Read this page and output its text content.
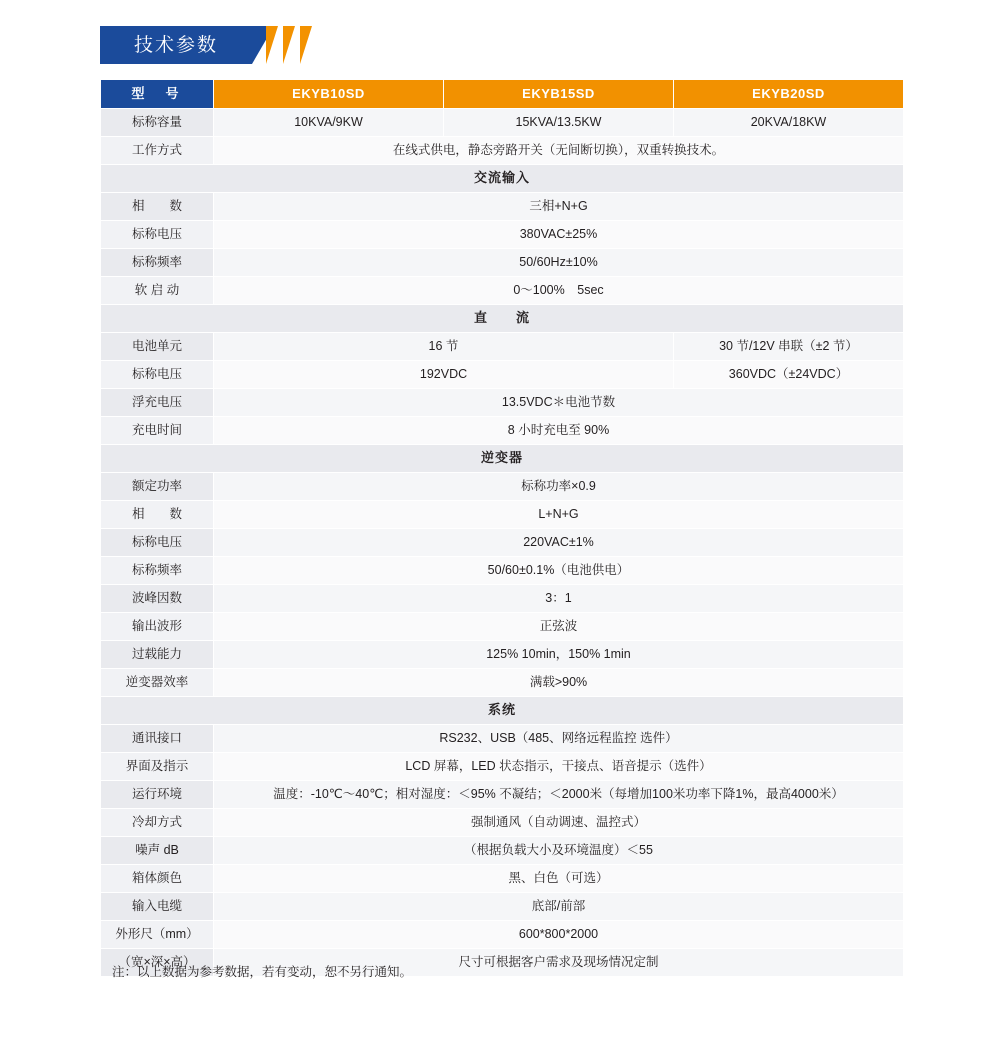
技术参数
型　号	EKYB10SD	EKYB15SD	EKYB20SD
标称容量	10KVA/9KW	15KVA/13.5KW	20KVA/18KW
工作方式	在线式供电，静态旁路开关（无间断切换），双重转换技术。		
交流输入			
相　　数	三相+N+G		
标称电压	380VAC±25%		
标称频率	50/60Hz±10%		
软 启 动	0～100%　5sec		
直　　流			
电池单元	16 节		30 节/12V 串联（±2 节）
标称电压	192VDC		360VDC（±24VDC）
浮充电压	13.5VDC＊电池节数		
充电时间	8 小时充电至 90%		
逆变器			
额定功率	标称功率×0.9		
相　　数	L+N+G		
标称电压	220VAC±1%		
标称频率	50/60±0.1%（电池供电）		
波峰因数	3：1		
输出波形	正弦波		
过载能力	125% 10min，150% 1min		
逆变器效率	满载>90%		
系统			
通讯接口	RS232、USB（485、网络远程监控 选件）		
界面及指示	LCD 屏幕，LED 状态指示，干接点、语音提示（选件）		
运行环境	温度：-10℃～40℃；相对湿度：＜95% 不凝结；＜2000米（每增加100米功率下降1%，最高4000米）		
冷却方式	强制通风（自动调速、温控式）		
噪声 dB	（根据负载大小及环境温度）＜55		
箱体颜色	黑、白色（可选）		
输入电缆	底部/前部		
外形尺（mm）	600*800*2000		
（宽×深×高）	尺寸可根据客户需求及现场情况定制		
注：以上数据为参考数据，若有变动，恕不另行通知。
